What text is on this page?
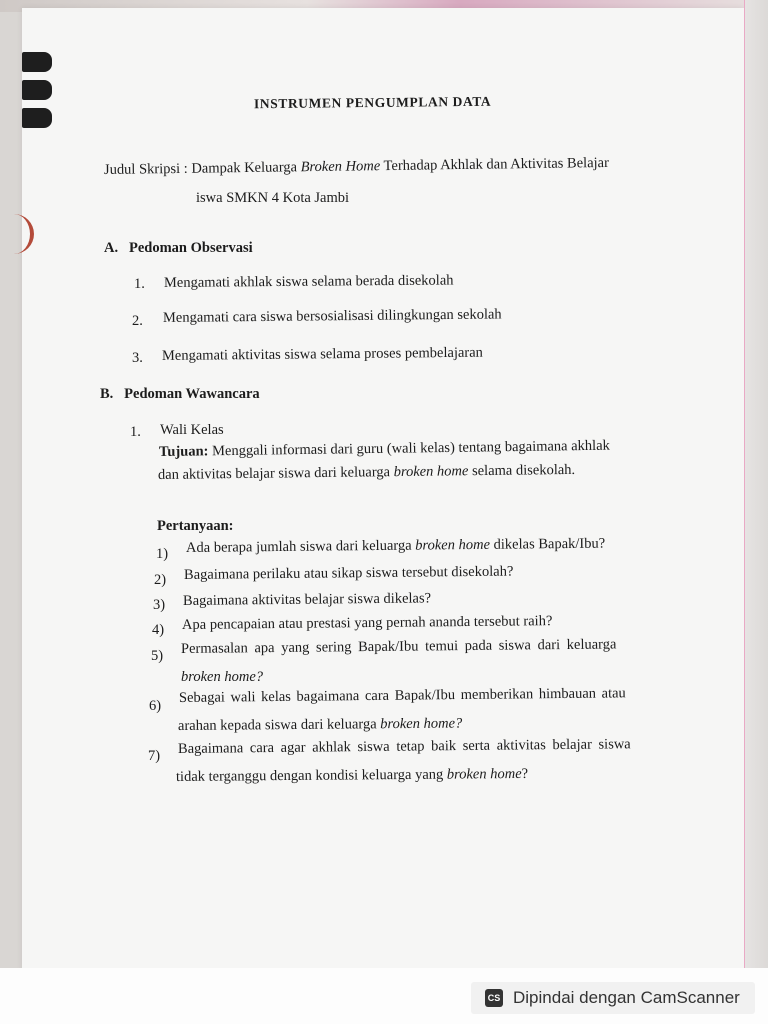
INSTRUMEN PENGUMPLAN DATA
Judul Skripsi : Dampak Keluarga Broken Home Terhadap Akhlak dan Aktivitas Belajar
iswa SMKN 4 Kota Jambi
A. Pedoman Observasi
1. Mengamati akhlak siswa selama berada disekolah
2. Mengamati cara siswa bersosialisasi dilingkungan sekolah
3. Mengamati aktivitas siswa selama proses pembelajaran
B. Pedoman Wawancara
1. Wali Kelas
Tujuan: Menggali informasi dari guru (wali kelas) tentang bagaimana akhlak
dan aktivitas belajar siswa dari keluarga broken home selama disekolah.
Pertanyaan:
1) Ada berapa jumlah siswa dari keluarga broken home dikelas Bapak/Ibu?
2) Bagaimana perilaku atau sikap siswa tersebut disekolah?
3) Bagaimana aktivitas belajar siswa dikelas?
4) Apa pencapaian atau prestasi yang pernah ananda tersebut raih?
5) Permasalan apa yang sering Bapak/Ibu temui pada siswa dari keluarga
broken home?
6)
Sebagai wali kelas bagaimana cara Bapak/Ibu memberikan himbauan atau
arahan kepada siswa dari keluarga broken home?
7) Bagaimana cara agar akhlak siswa tetap baik serta aktivitas belajar siswa
tidak terganggu dengan kondisi keluarga yang broken home?
CS Dipindai dengan CamScanner
